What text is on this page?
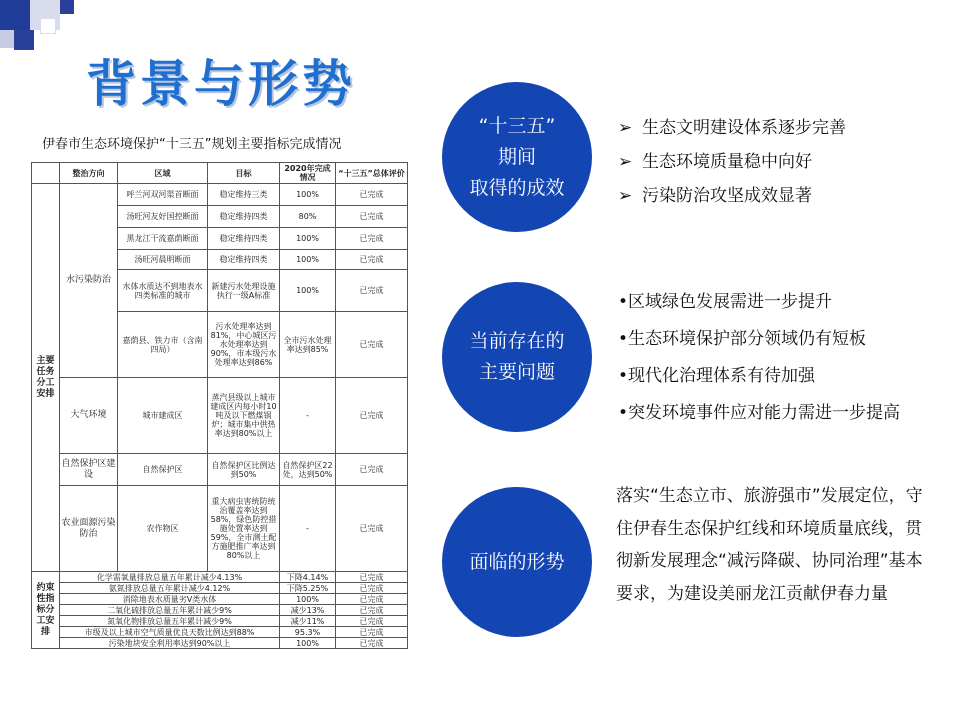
背景与形势
伊春市生态环境保护“十三五”规划主要指标完成情况
	整治方向	区域	目标	2020年完成情况	“十三五”总体评价
主要任务分工安排	水污染防治	呼兰河双河渠首断面	稳定维持三类	100%	已完成
		汤旺河友好国控断面	稳定维持四类	80%	已完成
		黑龙江干流嘉荫断面	稳定维持四类	100%	已完成
		汤旺河晨明断面	稳定维持四类	100%	已完成
		水体水质达不到地表水四类标准的城市	新建污水处理设施执行一级A标准	100%	已完成
		嘉荫县、铁力市（含南四局）	污水处理率达到81%，中心城区污水处理率达到90%，市本级污水处理率达到86%	全市污水处理率达到85%	已完成
	大气环境	城市建成区	蒸汽县级以上城市建成区内每小时10吨及以下燃煤锅炉；城市集中供热率达到80%以上	-	已完成
	自然保护区建设	自然保护区	自然保护区比例达到50%	自然保护区22处，达到50%	已完成
	农业面源污染防治	农作物区	重大病虫害统防统治覆盖率达到58%，绿色防控措施处置率达到59%，全市测土配方施肥推广率达到80%以上	-	已完成
约束性指标分工安排	化学需氧量排放总量五年累计减少4.13%			下降4.14%	已完成
	氨氮排放总量五年累计减少4.12%			下降5.25%	已完成
	消除地表水质量劣Ⅴ类水体			100%	已完成
	二氧化硫排放总量五年累计减少9%			减少13%	已完成
	氮氧化物排放总量五年累计减少9%			减少11%	已完成
	市级及以上城市空气质量优良天数比例达到88%			95.3%	已完成
	污染地块安全利用率达到90%以上			100%	已完成
“十三五”
期间
取得的成效
当前存在的
主要问题
面临的形势
➢ 生态文明建设体系逐步完善
➢ 生态环境质量稳中向好
➢ 污染防治攻坚成效显著
•区域绿色发展需进一步提升
•生态环境保护部分领域仍有短板
•现代化治理体系有待加强
•突发环境事件应对能力需进一步提高
落实“生态立市、旅游强市”发展定位，守住伊春生态保护红线和环境质量底线，贯彻新发展理念“减污降碳、协同治理”基本要求，为建设美丽龙江贡献伊春力量
